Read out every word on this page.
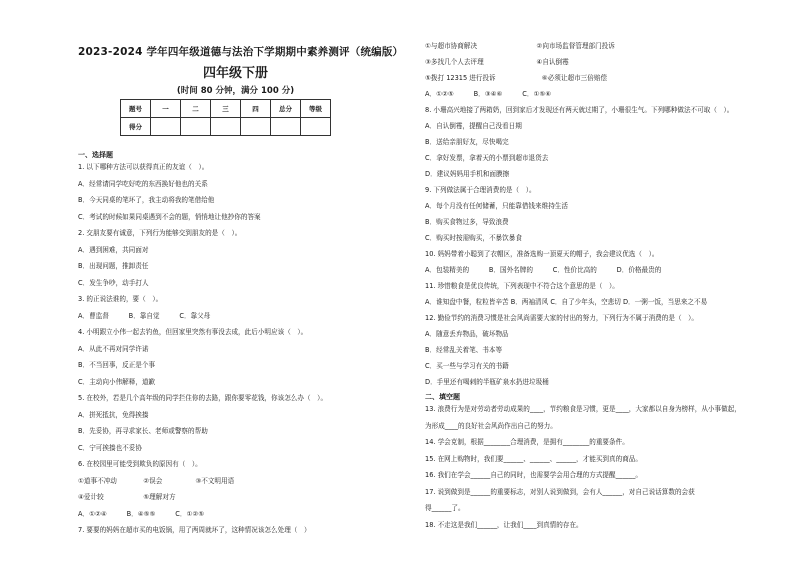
2023-2024 学年四年级道德与法治下学期期中素养测评（统编版）
四年级下册
(时间 80 分钟，满分 100 分)
题号	一	二	三	四	总分	等级
得分						
一、选择题
1. 以下哪种方法可以获得真正的友谊（　）。
A．经常请同学吃好吃的东西换好他也的关系
B．今天同桌的笔坏了，我主动将我的笔借给他
C．考试的时候如果同桌遇到不会的题，悄悄地让他抄你的答案
2. 交朋友要有诚意，下列行为能够交到朋友的是（　）。
A．遇到困难，共同面对
B．出现问题，推卸责任
C．发生争吵，动手打人
3. 的正说法谁的，要（　）。
A．曹监督　　　B．靠自觉　　　C．靠父母
4. 小明跟立小伟一起去钓鱼，但回家里突然有事没去成，此后小明应该（　）。
A．从此不再对同学许诺
B．不当回事，反正是个事
C．主动向小伟解释，道歉
5. 在校外，若是几个高年级的同学拦住你的去路，跟你要零花钱，你该怎么办（　）。
A．拼死抵抗，免得挨揍
B．先妥协，再寻求家长、老师或警察的帮助
C．宁可挨揍也不妥协
6. 在校园里可能受到欺负的原因有（　）。
①道事不冲动　　　　②误会　　　　　③不文明用语
④爱计较　　　　　　⑤理解对方
A．①②④　　　B．④⑤⑤　　　C．①②⑤
7. 要要的妈妈在超市买的电饭锅，用了两周就坏了，这种情况该怎么处理（　）
①与超市协商解决　　　　　　　　　②向市场监督管理部门投诉
③多找几个人去评理　　　　　　　　④自认倒霉
⑤拨打 12315 进行投诉　　　　　　　⑥必须让超市三倍赔偿
A．①②⑤　　　B．③④⑥　　　C．①⑤⑥
8. 小珊高兴地接了两箱奶，回到家后才发现还有两天就过期了，小珊很生气。下列哪种做法不可取（　）。
A．自认倒霉，提醒自己没看日期
B．送给亲朋好友，尽快喝完
C．拿好发票，拿着天的小票到超市退货去
D．建议妈妈用手机和面膜擦
9. 下列做法属于合理消费的是（　）。
A．每个月没有任何储蓄，只能靠借钱来维持生活
B．购买食物过多，导致浪费
C．购买时按需购买，不暴饮暴食
10. 妈妈带着小聪到了衣帽区，准备选购一顶夏天的帽子，我会建议优选（　）。
A．包装精美的　　　B．国外名牌的　　　C．性价比高的　　　D．价格最贵的
11. 珍惜粮食是优良传统，下列表现中不符合这个意思的是（　）。
A．谁知盘中餐，粒粒皆辛苦 B．两袖清风 C．自了少年头，空悲切 D．一粥一饭，当思来之不易
12. 勤俭节约的消费习惯是社会风尚需要大家的付出的努力，下列行为不属于消费的是（　）。
A．随意丢弃物品，破坏物品
B．经常乱关着笔、书本等
C．买一些与学习有关的书籍
D．手里还有喝刺的半瓶矿泉水扔进垃圾桶
二、填空题
13. 浪费行为是对劳动者劳动成果的____，节约粮食是习惯，更是____，大家都以自身为榜样，从小事做起，
为形成____的良好社会风尚作出自己的努力。
14. 学会克制，根据________合理消费，是拥有________的重要条件。
15. 在网上购物时，我们要______、______、______，才能买到真的商品。
16. 我们在学会______自己的同时，也需要学会用合理的方式提醒______。
17. 说到做到是______的重要标志，对别人说到做到，会有人______，对自己说话算数的会获
得______了。
18. 不走这是我们______，让我们____到真情的存在。
